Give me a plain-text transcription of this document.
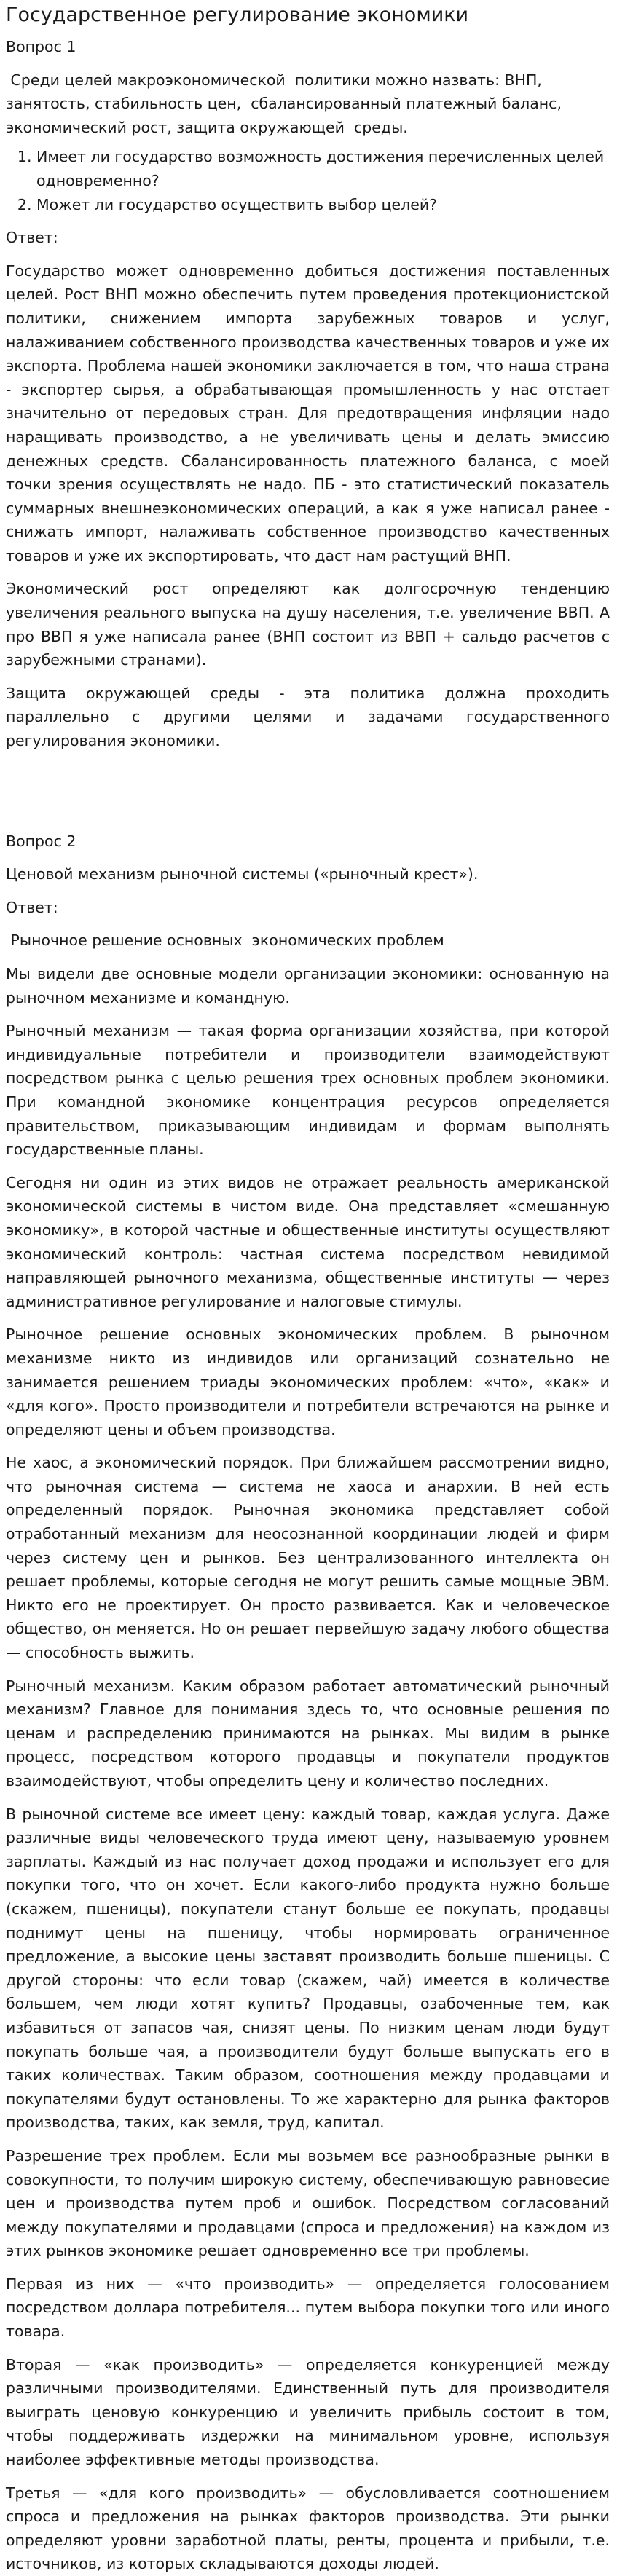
Государственное регулирование экономики

Вопрос 1

Среди целей макроэкономической  политики можно назвать: ВНП, занятость, стабильность цен,  сбалансированный платежный баланс, экономический рост, защита окружающей  среды.

1. Имеет ли государство возможность достижения перечисленных целей одновременно?
2. Может ли государство осуществить выбор целей?

Ответ:

Государство может одновременно добиться достижения поставленных целей. Рост ВНП можно обеспечить путем проведения протекционистской политики, снижением импорта зарубежных товаров и услуг, налаживанием собственного производства качественных товаров и уже их экспорта. Проблема нашей экономики заключается в том, что наша страна - экспортер сырья, а обрабатывающая промышленность у нас отстает значительно от передовых стран. Для предотвращения инфляции надо наращивать производство, а не увеличивать цены и делать эмиссию денежных средств. Сбалансированность платежного баланса, с моей точки зрения осуществлять не надо. ПБ - это статистический показатель суммарных внешнеэкономических операций, а как я уже написал ранее - снижать импорт, налаживать собственное производство качественных товаров и уже их экспортировать, что даст нам растущий ВНП.

Экономический рост определяют как долгосрочную тенденцию увеличения реального выпуска на душу населения, т.е. увеличение ВВП. А про ВВП я уже написала ранее (ВНП состоит из ВВП + сальдо расчетов с зарубежными странами).

Защита окружающей среды - эта политика должна проходить параллельно с другими целями и задачами государственного регулирования экономики.

Вопрос 2

Ценовой механизм рыночной системы («рыночный крест»).

Ответ:

Рыночное решение основных  экономических проблем

Мы видели две основные модели организации экономики: основанную на рыночном механизме и командную.

Рыночный механизм — такая форма организации хозяйства, при которой индивидуальные потребители и производители взаимодействуют посредством рынка с целью решения трех основных проблем экономики. При командной экономике концентрация ресурсов определяется правительством, приказывающим индивидам и формам выполнять государственные планы.

Сегодня ни один из этих видов не отражает реальность американской экономической системы в чистом виде. Она представляет «смешанную экономику», в которой частные и общественные институты осуществляют экономический контроль: частная система посредством невидимой направляющей рыночного механизма, общественные институты — через административное регулирование и налоговые стимулы.

Рыночное решение основных экономических проблем. В рыночном механизме никто из индивидов или организаций сознательно не занимается решением триады экономических проблем: «что», «как» и «для кого». Просто производители и потребители встречаются на рынке и определяют цены и объем производства.

Не хаос, а экономический порядок. При ближайшем рассмотрении видно, что рыночная система — система не хаоса и анархии. В ней есть определенный порядок. Рыночная экономика представляет собой отработанный механизм для неосознанной координации людей и фирм через систему цен и рынков. Без централизованного интеллекта он решает проблемы, которые сегодня не могут решить самые мощные ЭВМ. Никто его не проектирует. Он просто развивается. Как и человеческое общество, он меняется. Но он решает первейшую задачу любого общества — способность выжить.

Рыночный механизм. Каким образом работает автоматический рыночный механизм? Главное для понимания здесь то, что основные решения по ценам и распределению принимаются на рынках. Мы видим в рынке процесс, посредством которого продавцы и покупатели продуктов взаимодействуют, чтобы определить цену и количество последних.

В рыночной системе все имеет цену: каждый товар, каждая услуга. Даже различные виды человеческого труда имеют цену, называемую уровнем зарплаты. Каждый из нас получает доход продажи и использует его для покупки того, что он хочет. Если какого-либо продукта нужно больше (скажем, пшеницы), покупатели станут больше ее покупать, продавцы поднимут цены на пшеницу, чтобы нормировать ограниченное предложение, а высокие цены заставят производить больше пшеницы. С другой стороны: что если товар (скажем, чай) имеется в количестве большем, чем люди хотят купить? Продавцы, озабоченные тем, как избавиться от запасов чая, снизят цены. По низким ценам люди будут покупать больше чая, а производители будут больше выпускать его в таких количествах. Таким образом, соотношения между продавцами и покупателями будут остановлены. То же характерно для рынка факторов производства, таких, как земля, труд, капитал.

Разрешение трех проблем. Если мы возьмем все разнообразные рынки в совокупности, то получим широкую систему, обеспечивающую равновесие цен и производства путем проб и ошибок. Посредством согласований между покупателями и продавцами (спроса и предложения) на каждом из этих рынков экономике решает одновременно все три проблемы.

Первая из них — «что производить» — определяется голосованием посредством доллара потребителя... путем выбора покупки того или иного товара.

Вторая — «как производить» — определяется конкуренцией между различными производителями. Единственный путь для производителя выиграть ценовую конкуренцию и увеличить прибыль состоит в том, чтобы поддерживать издержки на минимальном уровне, используя наиболее эффективные методы производства.

Третья — «для кого производить» — обусловливается соотношением спроса и предложения на рынках факторов производства. Эти рынки определяют уровни заработной платы, ренты, процента и прибыли, т.е. источников, из которых складываются доходы людей.
